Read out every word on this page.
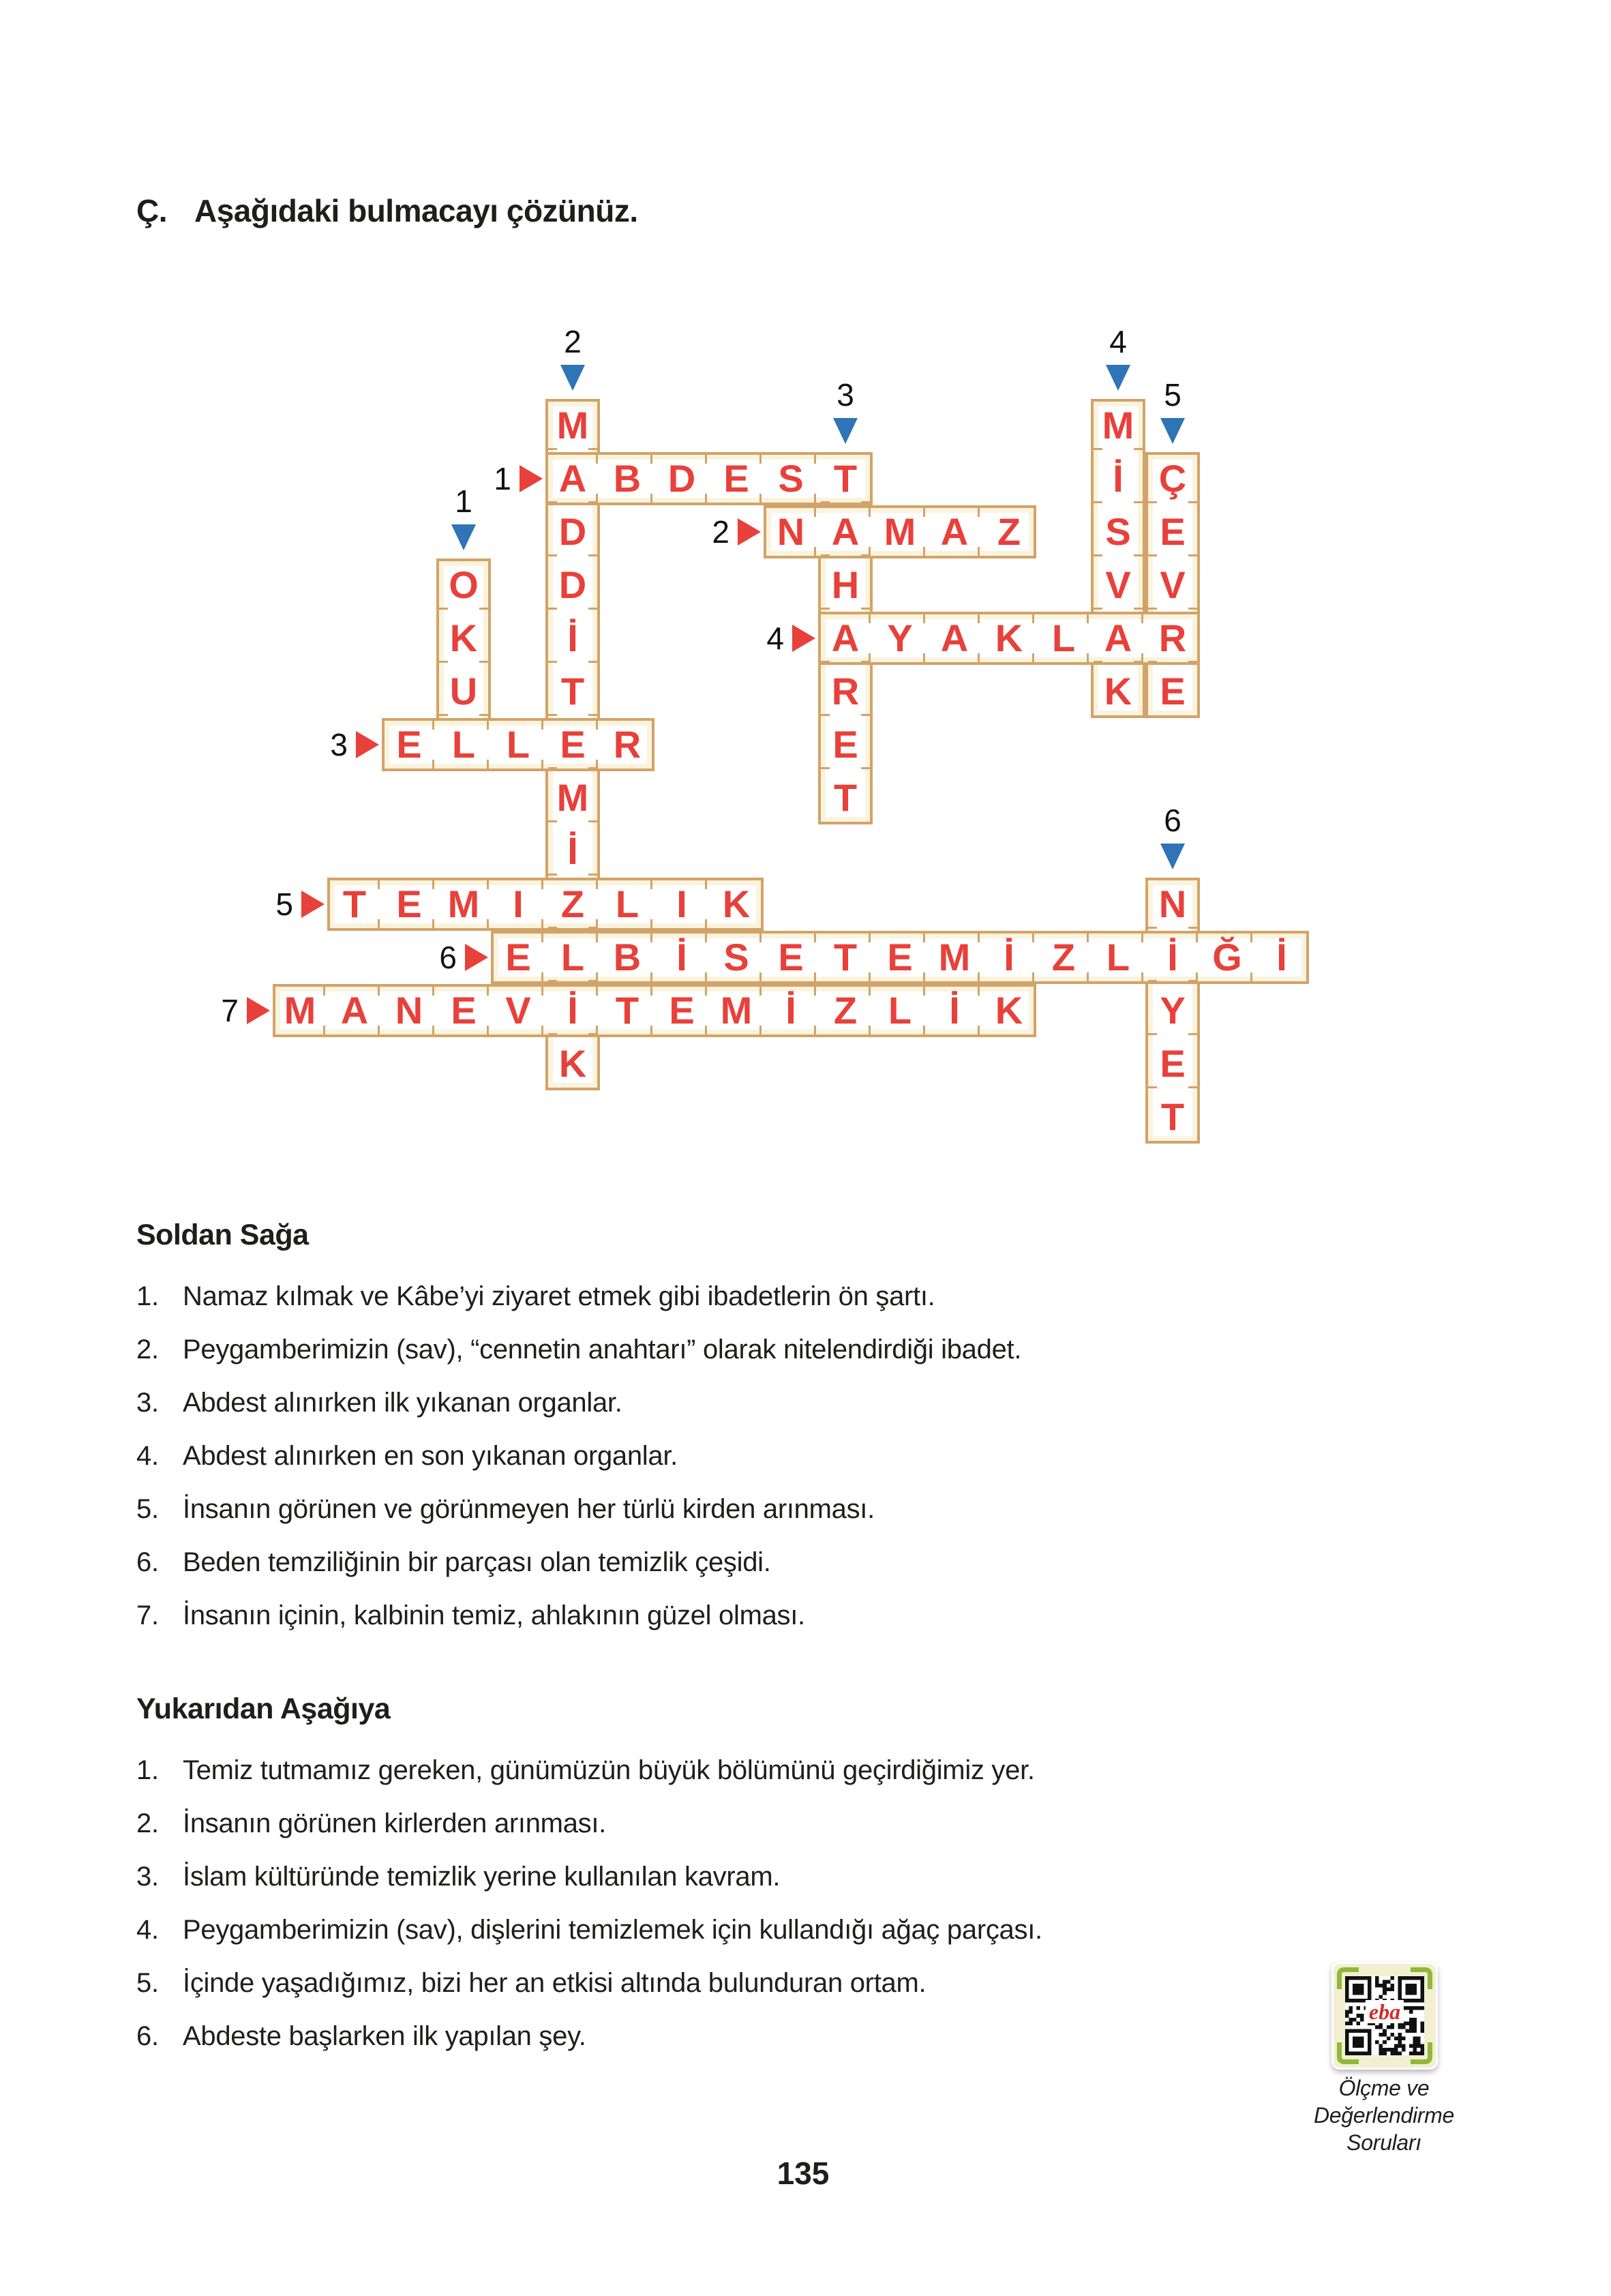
Ç. Aşağıdaki bulmacayı çözünüz.
1
2
3
4
5
6
1
2
3
4
5
6
7
O
K
U
L
M
A
D
D
İ
T
E
M
İ
Z
L
İ
K
T
A
H
A
R
E
T
M
İ
S
V
A
K
Ç
E
V
R
E
N
İ
Y
E
T
B D E S
N	M A Z
E	L	R
Y A K L
T E M I	L I K
E	B İ S E T E M İ Z L	Ğ İ
M A N E V	T E M İ Z L İ K
Soldan Sağa
1. Namaz kılmak ve Kâbe’yi ziyaret etmek gibi ibadetlerin ön şartı.
2. Peygamberimizin (sav), “cennetin anahtarı” olarak nitelendirdiği ibadet.
3. Abdest alınırken ilk yıkanan organlar.
4. Abdest alınırken en son yıkanan organlar.
5. İnsanın görünen ve görünmeyen her türlü kirden arınması.
6. Beden temziliğinin bir parçası olan temizlik çeşidi.
7. İnsanın içinin, kalbinin temiz, ahlakının güzel olması.
Yukarıdan Aşağıya
1. Temiz tutmamız gereken, günümüzün büyük bölümünü geçirdiğimiz yer.
2. İnsanın görünen kirlerden arınması.
3. İslam kültüründe temizlik yerine kullanılan kavram.
4. Peygamberimizin (sav), dişlerini temizlemek için kullandığı ağaç parçası.
5. İçinde yaşadığımız, bizi her an etkisi altında bulunduran ortam.
6. Abdeste başlarken ilk yapılan şey.
eba
Ölçme ve
Değerlendirme
Soruları
135
